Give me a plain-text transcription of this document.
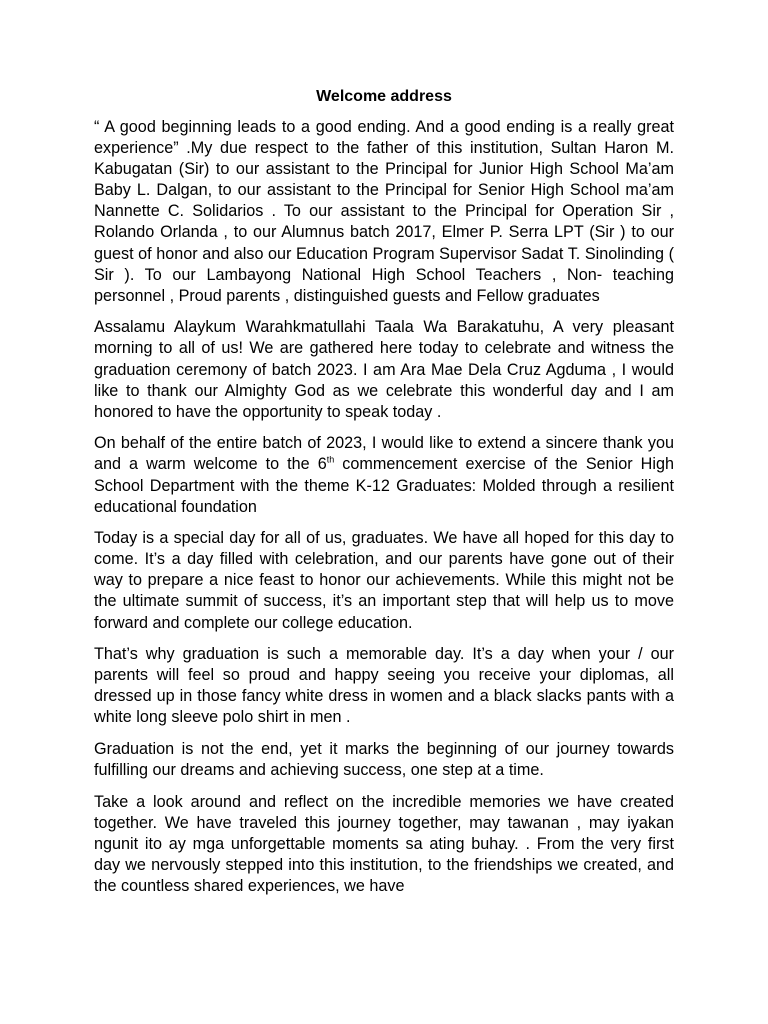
Welcome address

“ A good beginning leads to a good ending. And a good ending is a really great experience” .My due respect to the father of this institution, Sultan Haron M. Kabugatan (Sir) to our assistant to the Principal for Junior High School Ma’am Baby L. Dalgan, to our assistant to the Principal for Senior High School ma’am Nannette C. Solidarios . To our assistant to the Principal for Operation Sir , Rolando Orlanda , to our Alumnus batch 2017, Elmer P. Serra LPT (Sir ) to our guest of honor and also our Education Program Supervisor Sadat T. Sinolinding ( Sir ). To our Lambayong National High School Teachers , Non- teaching personnel , Proud parents , distinguished guests and Fellow graduates

Assalamu Alaykum Warahkmatullahi Taala Wa Barakatuhu, A very pleasant morning to all of us! We are gathered here today to celebrate and witness the graduation ceremony of batch 2023. I am Ara Mae Dela Cruz Agduma , I would like to thank our Almighty God as we celebrate this wonderful day and I am honored to have the opportunity to speak today .

On behalf of the entire batch of 2023, I would like to extend a sincere thank you and a warm welcome to the 6th commencement exercise of the Senior High School Department with the theme K-12 Graduates: Molded through a resilient educational foundation

Today is a special day for all of us, graduates. We have all hoped for this day to come. It’s a day filled with celebration, and our parents have gone out of their way to prepare a nice feast to honor our achievements. While this might not be the ultimate summit of success, it’s an important step that will help us to move forward and complete our college education.

That’s why graduation is such a memorable day. It’s a day when your / our parents will feel so proud and happy seeing you receive your diplomas, all dressed up in those fancy white dress in women and a black slacks pants with a white long sleeve polo shirt in men .

Graduation is not the end, yet it marks the beginning of our journey towards fulfilling our dreams and achieving success, one step at a time.

Take a look around and reflect on the incredible memories we have created together. We have traveled this journey together, may tawanan , may iyakan ngunit ito ay mga unforgettable moments sa ating buhay. . From the very first day we nervously stepped into this institution, to the friendships we created, and the countless shared experiences, we have
